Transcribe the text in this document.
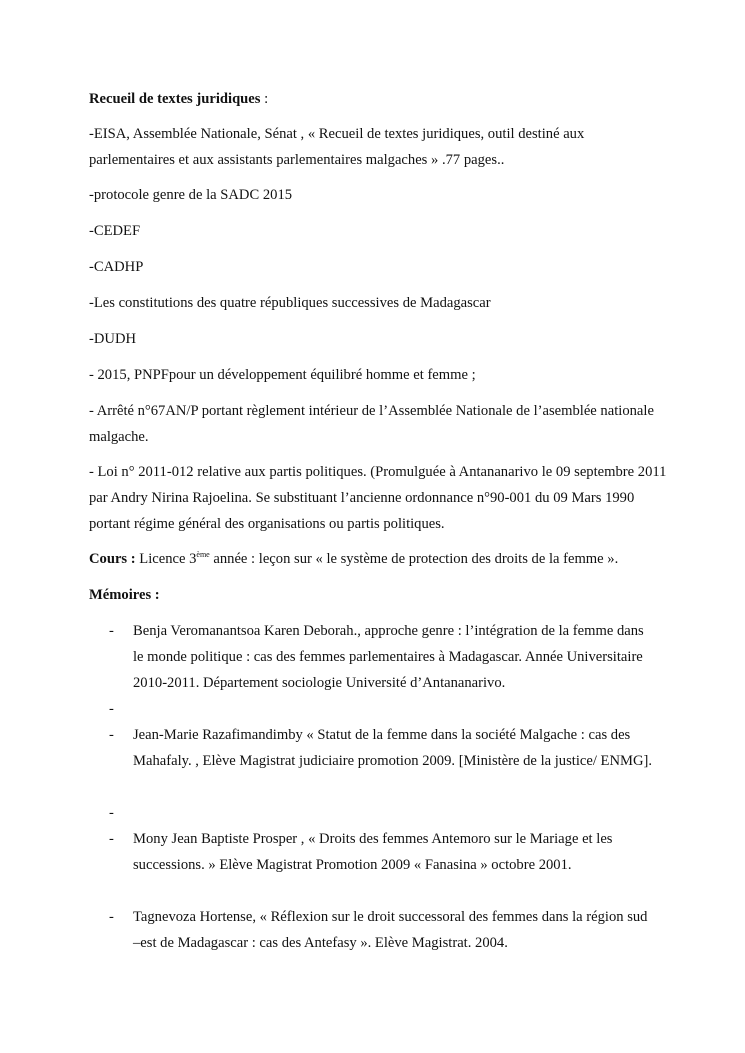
Recueil de textes juridiques :

-EISA, Assemblée Nationale, Sénat , « Recueil de textes juridiques, outil destiné aux parlementaires et aux assistants parlementaires malgaches » .77 pages..

-protocole genre de la SADC 2015

-CEDEF

-CADHP

-Les constitutions des quatre républiques successives de Madagascar

-DUDH

- 2015, PNPFpour un développement équilibré homme et femme ;

- Arrêté n°67AN/P portant règlement intérieur de l’Assemblée Nationale de l’asemblée nationale malgache.

- Loi n° 2011-012 relative aux partis politiques. (Promulguée à Antananarivo le 09 septembre 2011 par Andry Nirina Rajoelina. Se substituant l’ancienne ordonnance n°90-001 du 09 Mars 1990 portant régime général des organisations ou partis politiques.

Cours : Licence 3ème année : leçon sur « le système de protection des droits de la femme ».

Mémoires :

- Benja Veromanantsoa Karen Deborah., approche genre : l’intégration de la femme dans le monde politique : cas des femmes parlementaires à Madagascar. Année Universitaire 2010-2011. Département sociologie Université d’Antananarivo.
-
- Jean-Marie Razafimandimby « Statut de la femme dans la société Malgache : cas des Mahafaly. , Elève Magistrat judiciaire promotion 2009. [Ministère de la justice/ ENMG].
-
- Mony Jean Baptiste Prosper , « Droits des femmes Antemoro sur le Mariage et les successions. » Elève Magistrat Promotion 2009 « Fanasina » octobre 2001.
- Tagnevoza Hortense, « Réflexion sur le droit successoral des femmes dans la région sud –est de Madagascar : cas des Antefasy ». Elève Magistrat. 2004.
